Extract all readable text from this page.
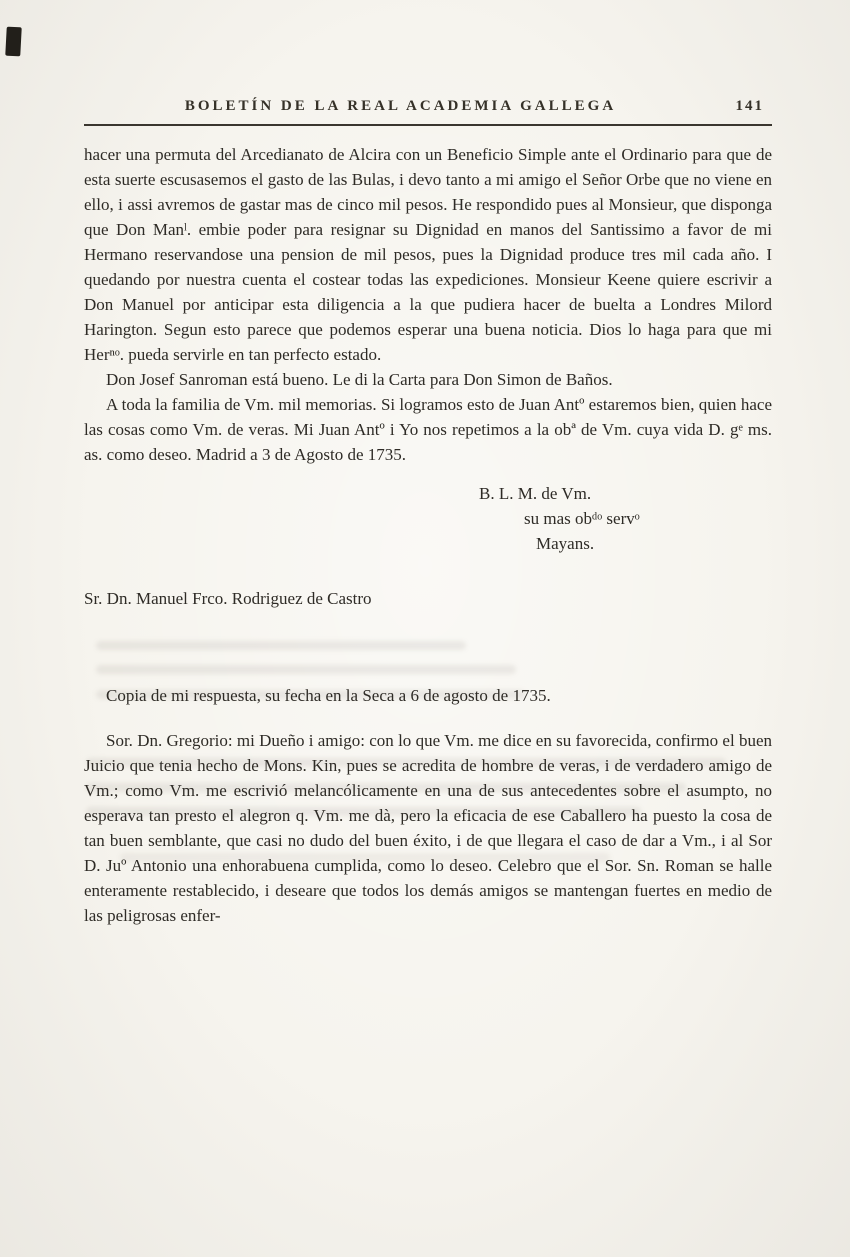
BOLETÍN DE LA REAL ACADEMIA GALLEGA	141

hacer una permuta del Arcedianato de Alcira con un Beneficio Simple ante el Ordinario para que de esta suerte escusasemos el gasto de las Bulas, i devo tanto a mi amigo el Señor Orbe que no viene en ello, i assi avremos de gastar mas de cinco mil pesos. He respondido pues al Monsieur, que disponga que Don Manˡ. embie poder para resignar su Dignidad en manos del Santissimo a favor de mi Hermano reservandose una pension de mil pesos, pues la Dignidad produce tres mil cada año. I quedando por nuestra cuenta el costear todas las expediciones. Monsieur Keene quiere escrivir a Don Manuel por anticipar esta diligencia a la que pudiera hacer de buelta a Londres Milord Harington. Segun esto parece que podemos esperar una buena noticia. Dios lo haga para que mi Herⁿᵒ. pueda servirle en tan perfecto estado.

Don Josef Sanroman está bueno. Le di la Carta para Don Simon de Baños.

A toda la familia de Vm. mil memorias. Si logramos esto de Juan Antº estaremos bien, quien hace las cosas como Vm. de veras. Mi Juan Antº i Yo nos repetimos a la obª de Vm. cuya vida D. gᵉ ms. as. como deseo. Madrid a 3 de Agosto de 1735.

B. L. M. de Vm.

su mas obᵈᵒ servᵒ

Mayans.

Sr. Dn. Manuel Frco. Rodriguez de Castro

Copia de mi respuesta, su fecha en la Seca a 6 de agosto de 1735.

Sor. Dn. Gregorio: mi Dueño i amigo: con lo que Vm. me dice en su favorecida, confirmo el buen Juicio que tenia hecho de Mons. Kin, pues se acredita de hombre de veras, i de verdadero amigo de Vm.; como Vm. me escrivió melancólicamente en una de sus antecedentes sobre el asumpto, no esperava tan presto el alegron q. Vm. me dà, pero la eficacia de ese Caballero ha puesto la cosa de tan buen semblante, que casi no dudo del buen éxito, i de que llegara el caso de dar a Vm., i al Sor D. Juº Antonio una enhorabuena cumplida, como lo deseo. Celebro que el Sor. Sn. Roman se halle enteramente restablecido, i deseare que todos los demás amigos se mantengan fuertes en medio de las peligrosas enfer-
